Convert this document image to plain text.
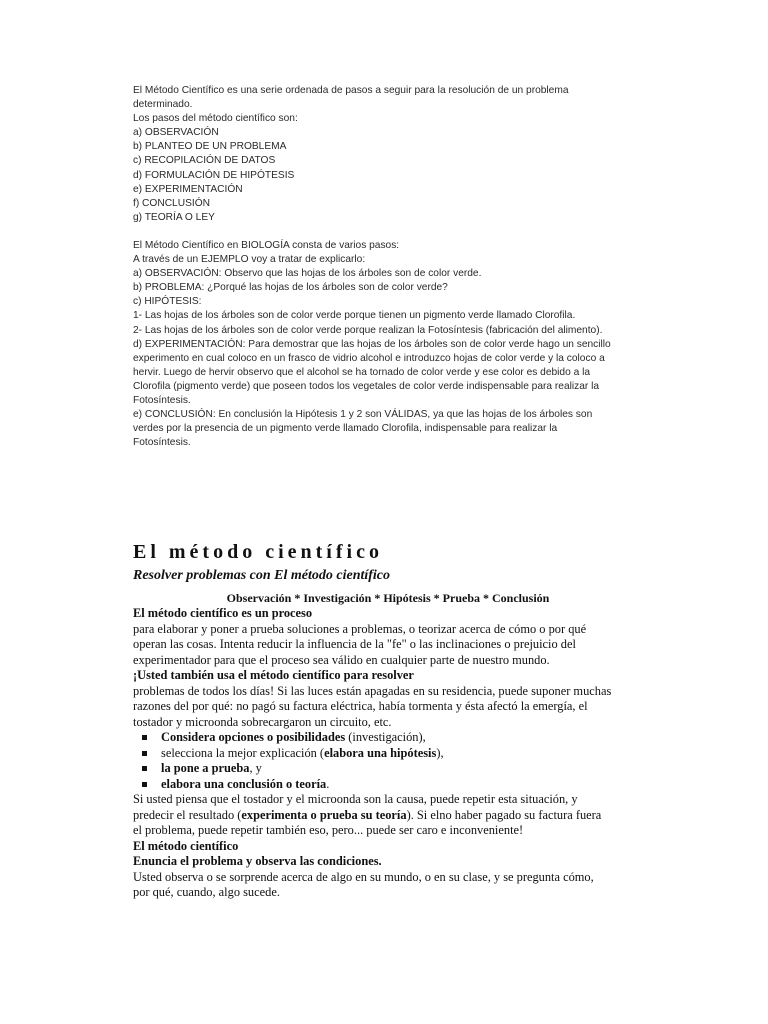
El Método Científico es una serie ordenada de pasos a seguir para la resolución de un problema

determinado.

Los pasos del método científico son:

a) OBSERVACIÓN

b) PLANTEO DE UN PROBLEMA

c) RECOPILACIÓN DE DATOS

d) FORMULACIÓN DE HIPÓTESIS

e) EXPERIMENTACIÓN

f) CONCLUSIÓN

g) TEORÍA O LEY

El Método Científico en BIOLOGÍA consta de varios pasos:

A través de un EJEMPLO voy a tratar de explicarlo:

a) OBSERVACIÓN: Observo que las hojas de los árboles son de color verde.

b) PROBLEMA: ¿Porqué las hojas de los árboles son de color verde?

c) HIPÓTESIS:

1- Las hojas de los árboles son de color verde porque tienen un pigmento verde llamado Clorofila.

2- Las hojas de los árboles son de color verde porque realizan la Fotosíntesis (fabricación del alimento).

d) EXPERIMENTACIÓN: Para demostrar que las hojas de los árboles son de color verde hago un sencillo

experimento en cual coloco en un frasco de vidrio alcohol e introduzco hojas de color verde y la coloco a

hervir. Luego de hervir observo que el alcohol se ha tornado de color verde y ese color es debido a la

Clorofila (pigmento verde) que poseen todos los vegetales de color verde indispensable para realizar la

Fotosíntesis.

e) CONCLUSIÓN: En conclusión la Hipótesis 1 y 2 son VÁLIDAS, ya que las hojas de los árboles son

verdes por la presencia de un pigmento verde llamado Clorofila, indispensable para realizar la

Fotosíntesis.

El método científico
Resolver problemas con El método científico

Observación * Investigación * Hipótesis * Prueba * Conclusión

El método científico es un proceso

para elaborar y poner a prueba soluciones a problemas, o teorizar acerca de cómo o por qué

operan las cosas. Intenta reducir la influencia de la "fe" o las inclinaciones o prejuicio del

experimentador para que el proceso sea válido en cualquier parte de nuestro mundo.

¡Usted también usa el método científico para resolver

problemas de todos los días! Si las luces están apagadas en su residencia, puede suponer muchas

razones del por qué: no pagó su factura eléctrica, había tormenta y ésta afectó la emergía, el

tostador y microonda sobrecargaron un circuito, etc.

Considera opciones o posibilidades (investigación),
selecciona la mejor explicación (elabora una hipótesis),
la pone a prueba, y
elabora una conclusión o teoría.

Si usted piensa que el tostador y el microonda son la causa, puede repetir esta situación, y

predecir el resultado (experimenta o prueba su teoría). Si elno haber pagado su factura fuera

el problema, puede repetir también eso, pero... puede ser caro e inconveniente!

El método científico

Enuncia el problema y observa las condiciones.

Usted observa o se sorprende acerca de algo en su mundo, o en su clase, y se pregunta cómo,

por qué, cuando, algo sucede.
